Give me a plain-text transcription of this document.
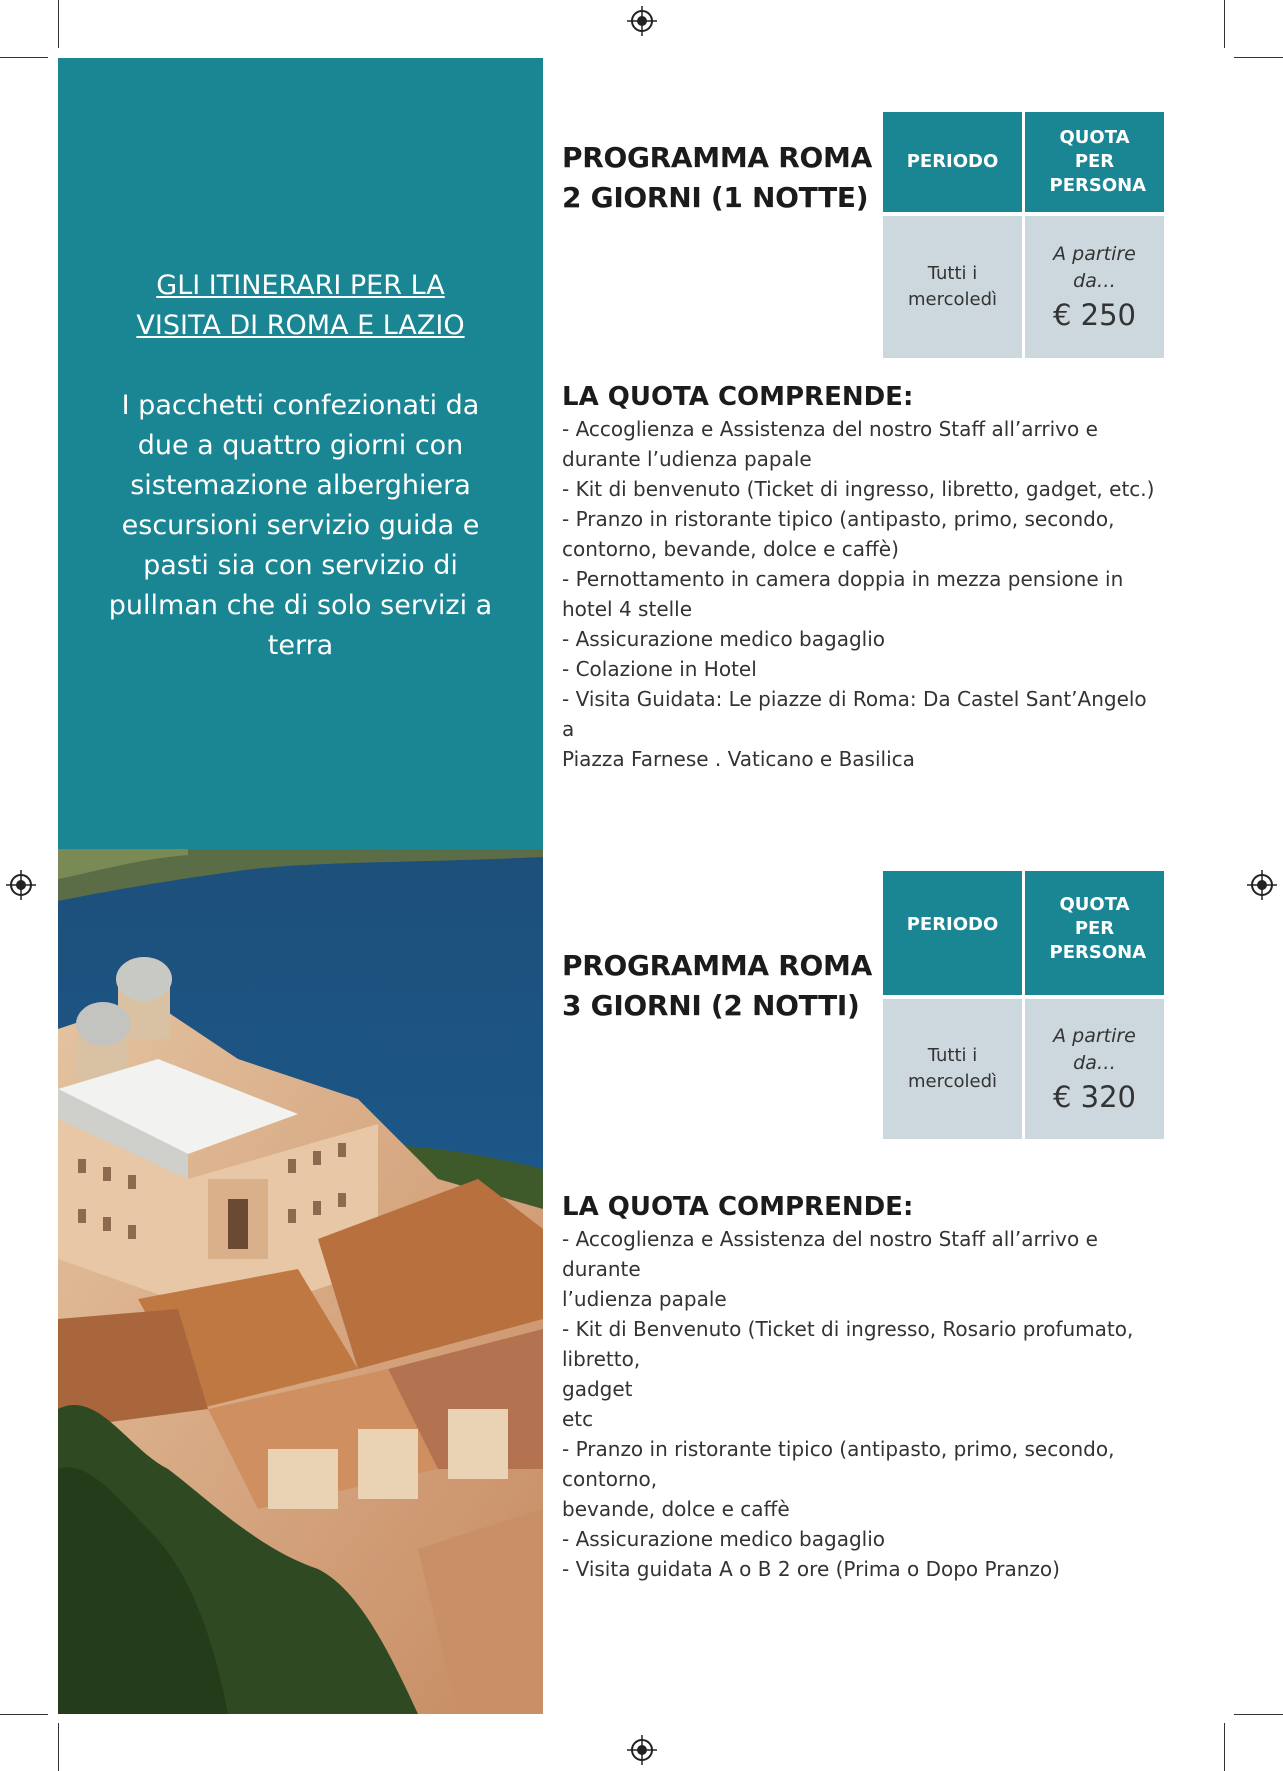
GLI ITINERARI PER LA
VISITA DI ROMA E LAZIO
I pacchetti confezionati da due a quattro giorni con sistemazione alberghiera escursioni servizio guida e pasti sia con servizio di pullman che di solo servizi a terra
PROGRAMMA ROMA
2 GIORNI (1 NOTTE)
PERIODO
QUOTA PER PERSONA
Tutti i mercoledì
A partire da…
€ 250
LA QUOTA COMPRENDE:
- Accoglienza e Assistenza del nostro Staff all’arrivo e
durante l’udienza papale
- Kit di benvenuto (Ticket di ingresso, libretto, gadget, etc.)
- Pranzo in ristorante tipico (antipasto, primo, secondo,
contorno, bevande, dolce e caffè)
- Pernottamento in camera doppia in mezza pensione in
hotel 4 stelle
- Assicurazione medico bagaglio
- Colazione in Hotel
- Visita Guidata: Le piazze di Roma: Da Castel Sant’Angelo a
Piazza Farnese . Vaticano e Basilica
PROGRAMMA ROMA
3 GIORNI (2 NOTTI)
PERIODO
QUOTA PER PERSONA
Tutti i mercoledì
A partire da…
€ 320
LA QUOTA COMPRENDE:
- Accoglienza e Assistenza del nostro Staff all’arrivo e
durante
l’udienza papale
- Kit di Benvenuto (Ticket di ingresso, Rosario profumato,
libretto,
gadget
etc
- Pranzo in ristorante tipico (antipasto, primo, secondo,
contorno,
bevande, dolce e caffè
- Assicurazione medico bagaglio
- Visita guidata A o B 2 ore (Prima o Dopo Pranzo)
